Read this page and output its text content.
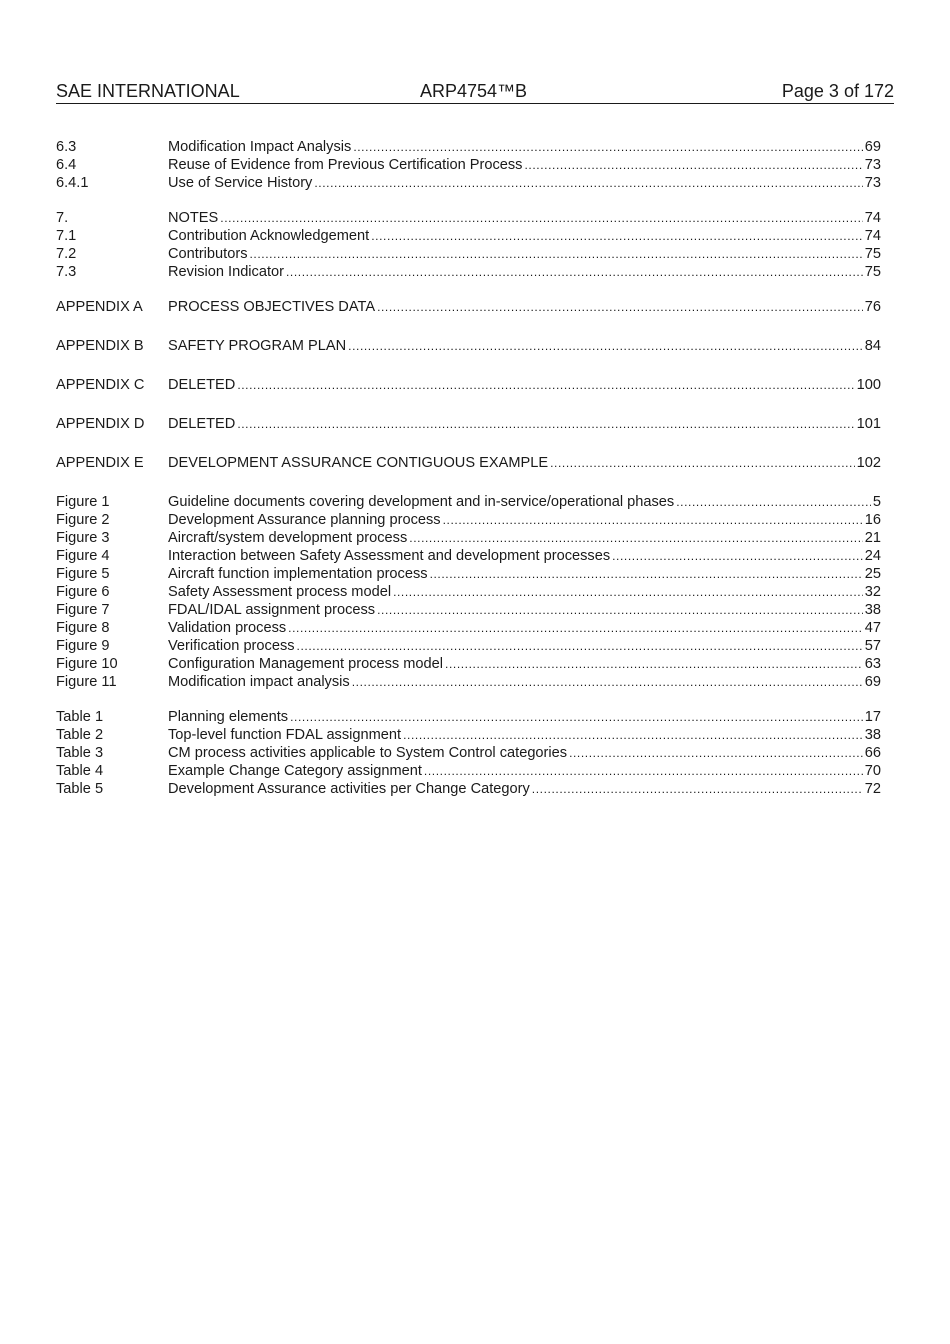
SAE INTERNATIONAL	ARP4754™B	Page 3 of 172
6.3	Modification Impact Analysis .....	69
6.4	Reuse of Evidence from Previous Certification Process .....	73
6.4.1	Use of Service History .....	73
7.	NOTES .....	74
7.1	Contribution Acknowledgement .....	74
7.2	Contributors .....	75
7.3	Revision Indicator .....	75
APPENDIX A	PROCESS OBJECTIVES DATA .....	76
APPENDIX B	SAFETY PROGRAM PLAN .....	84
APPENDIX C	DELETED .....	100
APPENDIX D	DELETED .....	101
APPENDIX E	DEVELOPMENT ASSURANCE CONTIGUOUS EXAMPLE .....	102
Figure 1	Guideline documents covering development and in-service/operational phases .....	5
Figure 2	Development Assurance planning process .....	16
Figure 3	Aircraft/system development process .....	21
Figure 4	Interaction between Safety Assessment and development processes .....	24
Figure 5	Aircraft function implementation process .....	25
Figure 6	Safety Assessment process model .....	32
Figure 7	FDAL/IDAL assignment process .....	38
Figure 8	Validation process .....	47
Figure 9	Verification process .....	57
Figure 10	Configuration Management process model .....	63
Figure 11	Modification impact analysis .....	69
Table 1	Planning elements .....	17
Table 2	Top-level function FDAL assignment .....	38
Table 3	CM process activities applicable to System Control categories .....	66
Table 4	Example Change Category assignment .....	70
Table 5	Development Assurance activities per Change Category .....	72
